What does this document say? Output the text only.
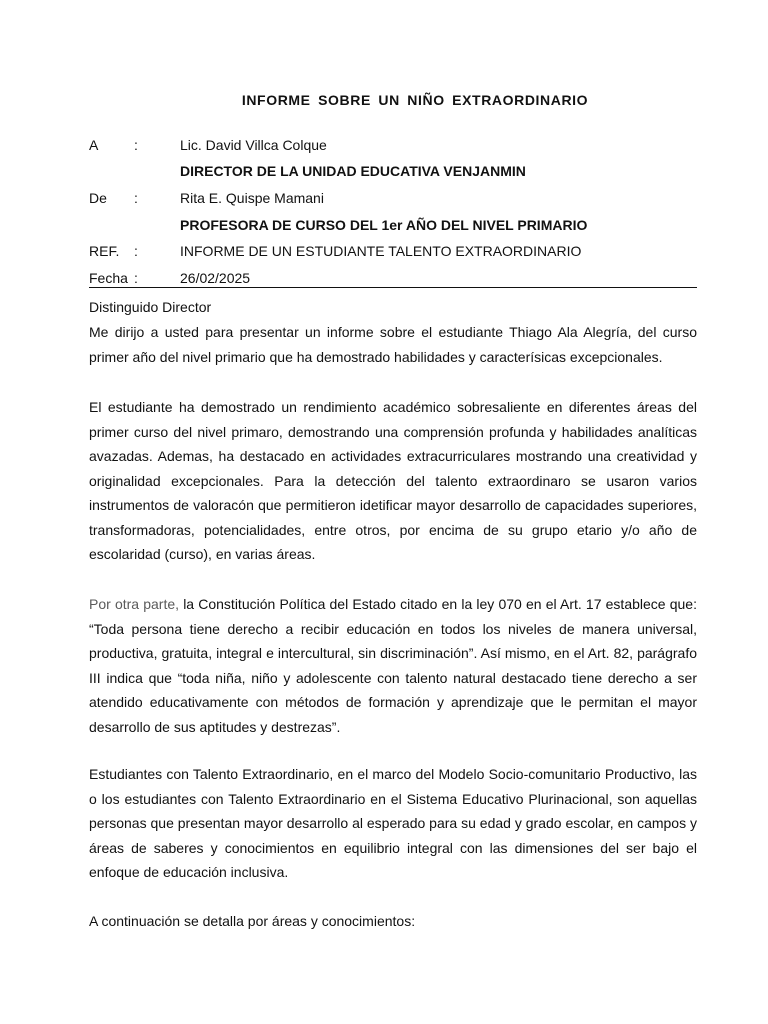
INFORME SOBRE UN NIÑO EXTRAORDINARIO
A	:	Lic. David Villca Colque
DIRECTOR DE LA UNIDAD EDUCATIVA VENJANMIN
De :	Rita E. Quispe Mamani
PROFESORA DE CURSO DEL 1er AÑO DEL NIVEL PRIMARIO
REF. :	INFORME DE UN ESTUDIANTE TALENTO EXTRAORDINARIO
Fecha :	26/02/2025
Distinguido Director
Me dirijo a usted para presentar un informe sobre el estudiante Thiago Ala Alegría, del curso primer año del nivel primario que ha demostrado habilidades y caracterísicas excepcionales.
El estudiante ha demostrado un rendimiento académico sobresaliente en diferentes áreas del primer curso del nivel primaro, demostrando una comprensión profunda y habilidades analíticas avazadas. Ademas, ha destacado en actividades extracurriculares mostrando una creatividad y originalidad excepcionales. Para la detección del talento extraordinaro se usaron varios instrumentos de valoracón que permitieron idetificar mayor desarrollo de capacidades superiores, transformadoras, potencialidades, entre otros, por encima de su grupo etario y/o año de escolaridad (curso), en varias áreas.
Por otra parte, la Constitución Política del Estado citado en la ley 070 en el Art. 17 establece que: “Toda persona tiene derecho a recibir educación en todos los niveles de manera universal, productiva, gratuita, integral e intercultural, sin discriminación”. Así mismo, en el Art. 82, parágrafo III indica que “toda niña, niño y adolescente con talento natural destacado tiene derecho a ser atendido educativamente con métodos de formación y aprendizaje que le permitan el mayor desarrollo de sus aptitudes y destrezas”.
Estudiantes con Talento Extraordinario, en el marco del Modelo Socio-comunitario Productivo, las o los estudiantes con Talento Extraordinario en el Sistema Educativo Plurinacional, son aquellas personas que presentan mayor desarrollo al esperado para su edad y grado escolar, en campos y áreas de saberes y conocimientos en equilibrio integral con las dimensiones del ser bajo el enfoque de educación inclusiva.
A continuación se detalla por áreas y conocimientos:
